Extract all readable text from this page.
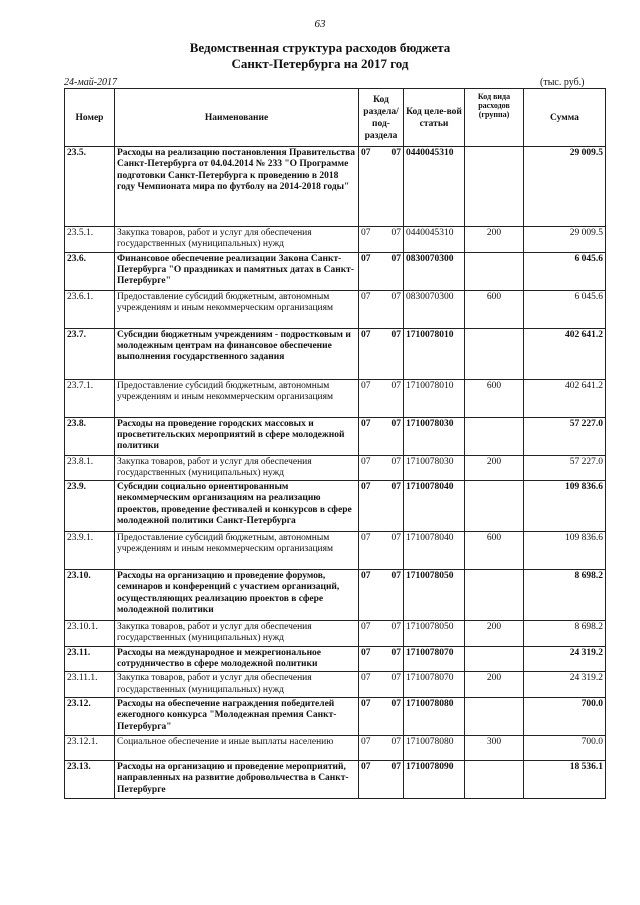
63
Ведомственная структура расходов бюджета
Санкт-Петербурга на 2017 год
24-май-2017	(тыс. руб.)
Номер	Наименование	Код раздела/ под-раздела	Код целе-вой статьи	Код вида расходов (группа)	Сумма
23.5.	Расходы на реализацию постановления Правительства Санкт-Петербурга от 04.04.2014 № 233 "О Программе подготовки Санкт-Петербурга к проведению в 2018 году Чемпионата мира по футболу на 2014-2018 годы"	07 07	0440045310		29 009.5
23.5.1.	Закупка товаров, работ и услуг для обеспечения государственных (муниципальных) нужд	07 07	0440045310	200	29 009.5
23.6.	Финансовое обеспечение реализации Закона Санкт-Петербурга "О праздниках и памятных датах в Санкт-Петербурге"	07 07	0830070300		6 045.6
23.6.1.	Предоставление субсидий бюджетным, автономным учреждениям и иным некоммерческим организациям	07 07	0830070300	600	6 045.6
23.7.	Субсидии бюджетным учреждениям - подростковым и молодежным центрам на финансовое обеспечение выполнения государственного задания	07 07	1710078010		402 641.2
23.7.1.	Предоставление субсидий бюджетным, автономным учреждениям и иным некоммерческим организациям	07 07	1710078010	600	402 641.2
23.8.	Расходы на проведение городских массовых и просветительских мероприятий в сфере молодежной политики	07 07	1710078030		57 227.0
23.8.1.	Закупка товаров, работ и услуг для обеспечения государственных (муниципальных) нужд	07 07	1710078030	200	57 227.0
23.9.	Субсидии социально ориентированным некоммерческим организациям на реализацию проектов, проведение фестивалей и конкурсов в сфере молодежной политики Санкт-Петербурга	07 07	1710078040		109 836.6
23.9.1.	Предоставление субсидий бюджетным, автономным учреждениям и иным некоммерческим организациям	07 07	1710078040	600	109 836.6
23.10.	Расходы на организацию и проведение форумов, семинаров и конференций с участием организаций, осуществляющих реализацию проектов в сфере молодежной политики	07 07	1710078050		8 698.2
23.10.1.	Закупка товаров, работ и услуг для обеспечения государственных (муниципальных) нужд	07 07	1710078050	200	8 698.2
23.11.	Расходы на международное и межрегиональное сотрудничество в сфере молодежной политики	07 07	1710078070		24 319.2
23.11.1.	Закупка товаров, работ и услуг для обеспечения государственных (муниципальных) нужд	07 07	1710078070	200	24 319.2
23.12.	Расходы на обеспечение награждения победителей ежегодного конкурса "Молодежная премия Санкт-Петербурга"	07 07	1710078080		700.0
23.12.1.	Социальное обеспечение и иные выплаты населению	07 07	1710078080	300	700.0
23.13.	Расходы на организацию и проведение мероприятий, направленных на развитие добровольчества в Санкт-Петербурге	07 07	1710078090		18 536.1
